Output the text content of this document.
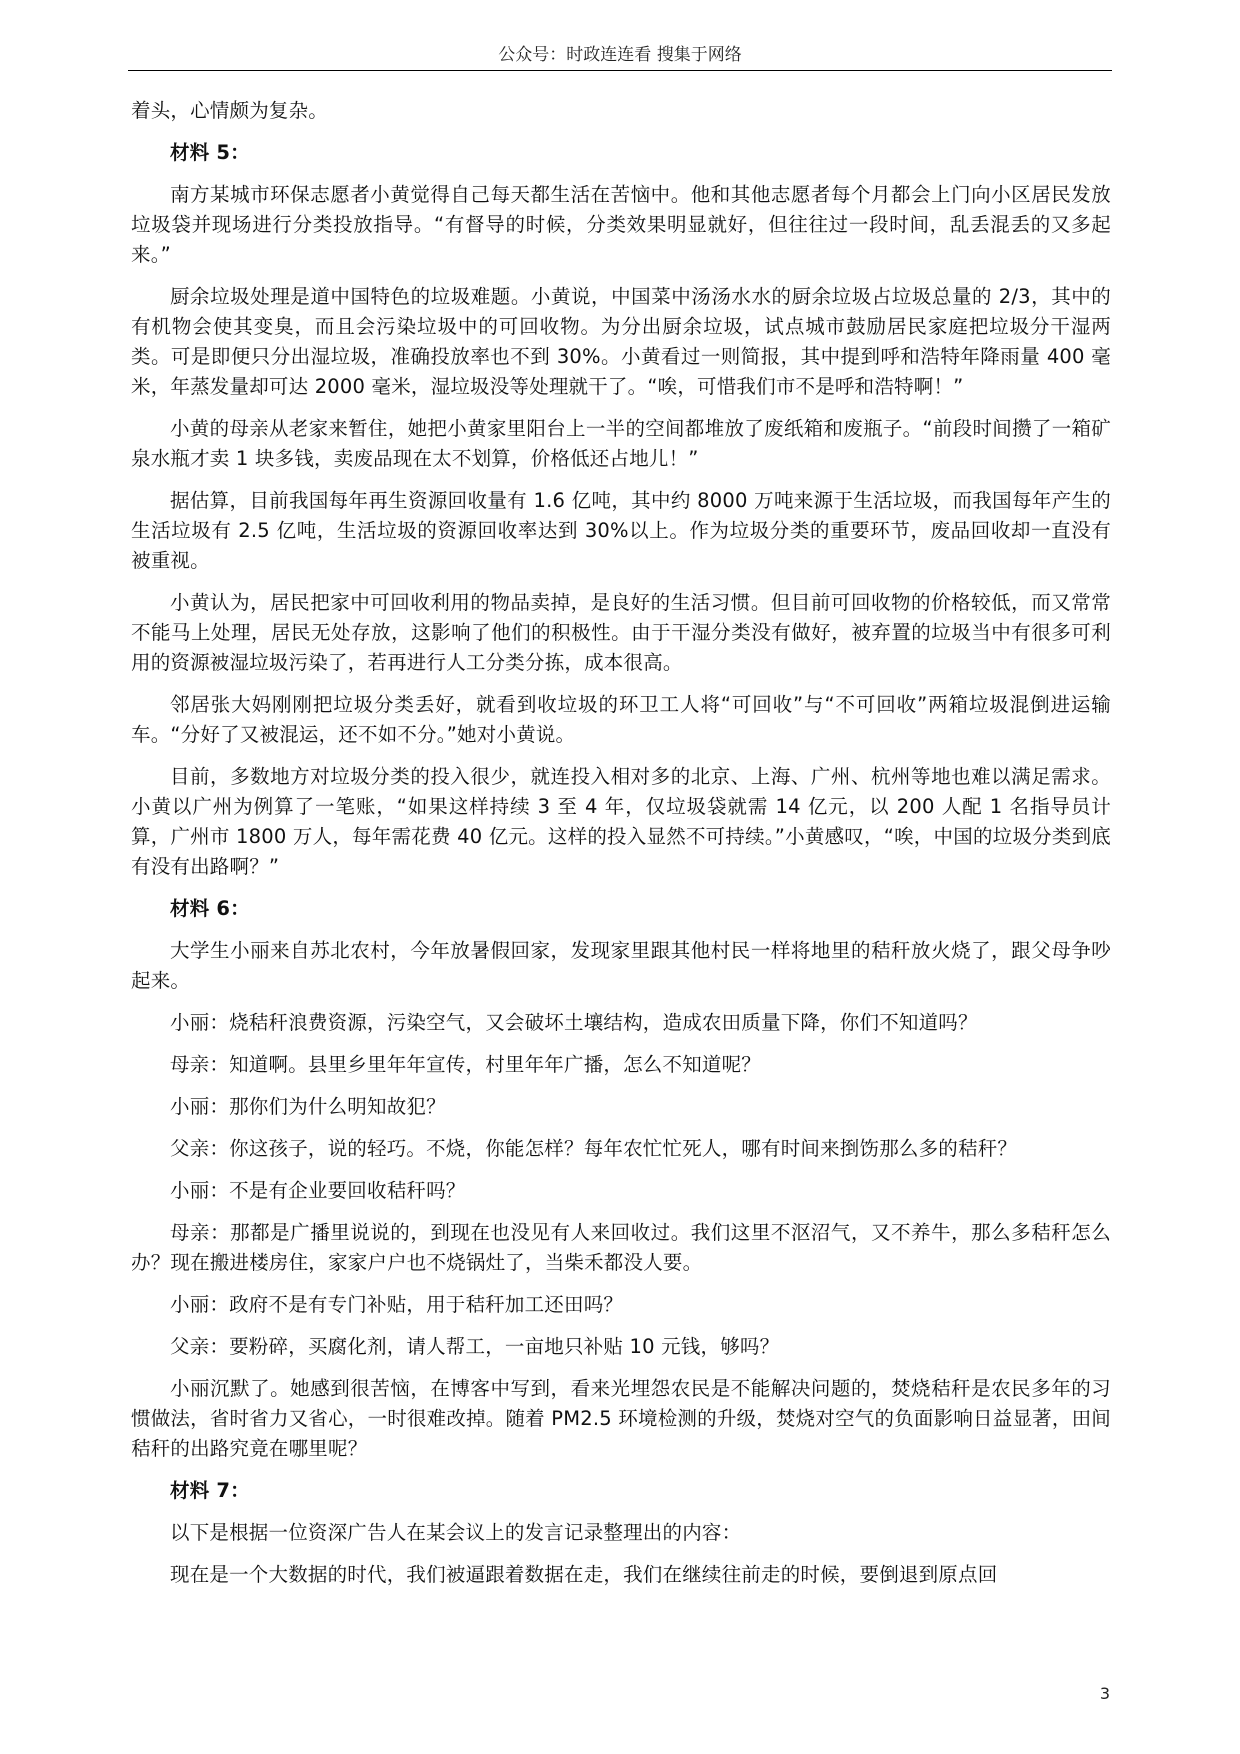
公众号：时政连连看 搜集于网络

着头，心情颇为复杂。

材料 5：

南方某城市环保志愿者小黄觉得自己每天都生活在苦恼中。他和其他志愿者每个月都会上门向小区居民发放垃圾袋并现场进行分类投放指导。“有督导的时候，分类效果明显就好，但往往过一段时间，乱丢混丢的又多起来。”

厨余垃圾处理是道中国特色的垃圾难题。小黄说，中国菜中汤汤水水的厨余垃圾占垃圾总量的 2/3，其中的有机物会使其变臭，而且会污染垃圾中的可回收物。为分出厨余垃圾，试点城市鼓励居民家庭把垃圾分干湿两类。可是即便只分出湿垃圾，准确投放率也不到 30%。小黄看过一则简报，其中提到呼和浩特年降雨量 400 毫米，年蒸发量却可达 2000 毫米，湿垃圾没等处理就干了。“唉，可惜我们市不是呼和浩特啊！”

小黄的母亲从老家来暂住，她把小黄家里阳台上一半的空间都堆放了废纸箱和废瓶子。“前段时间攒了一箱矿泉水瓶才卖 1 块多钱，卖废品现在太不划算，价格低还占地儿！”

据估算，目前我国每年再生资源回收量有 1.6 亿吨，其中约 8000 万吨来源于生活垃圾，而我国每年产生的生活垃圾有 2.5 亿吨，生活垃圾的资源回收率达到 30%以上。作为垃圾分类的重要环节，废品回收却一直没有被重视。

小黄认为，居民把家中可回收利用的物品卖掉，是良好的生活习惯。但目前可回收物的价格较低，而又常常不能马上处理，居民无处存放，这影响了他们的积极性。由于干湿分类没有做好，被弃置的垃圾当中有很多可利用的资源被湿垃圾污染了，若再进行人工分类分拣，成本很高。

邻居张大妈刚刚把垃圾分类丢好，就看到收垃圾的环卫工人将“可回收”与“不可回收”两箱垃圾混倒进运输车。“分好了又被混运，还不如不分。”她对小黄说。

目前，多数地方对垃圾分类的投入很少，就连投入相对多的北京、上海、广州、杭州等地也难以满足需求。小黄以广州为例算了一笔账，“如果这样持续 3 至 4 年，仅垃圾袋就需 14 亿元，以 200 人配 1 名指导员计算，广州市 1800 万人，每年需花费 40 亿元。这样的投入显然不可持续。”小黄感叹，“唉，中国的垃圾分类到底有没有出路啊？”

材料 6：

大学生小丽来自苏北农村，今年放暑假回家，发现家里跟其他村民一样将地里的秸秆放火烧了，跟父母争吵起来。

小丽：烧秸秆浪费资源，污染空气，又会破坏土壤结构，造成农田质量下降，你们不知道吗？

母亲：知道啊。县里乡里年年宣传，村里年年广播，怎么不知道呢？

小丽：那你们为什么明知故犯？

父亲：你这孩子，说的轻巧。不烧，你能怎样？每年农忙忙死人，哪有时间来捯饬那么多的秸秆？

小丽：不是有企业要回收秸秆吗？

母亲：那都是广播里说说的，到现在也没见有人来回收过。我们这里不沤沼气，又不养牛，那么多秸秆怎么办？现在搬进楼房住，家家户户也不烧锅灶了，当柴禾都没人要。

小丽：政府不是有专门补贴，用于秸秆加工还田吗？

父亲：要粉碎，买腐化剂，请人帮工，一亩地只补贴 10 元钱，够吗？

小丽沉默了。她感到很苦恼，在博客中写到，看来光埋怨农民是不能解决问题的，焚烧秸秆是农民多年的习惯做法，省时省力又省心，一时很难改掉。随着 PM2.5 环境检测的升级，焚烧对空气的负面影响日益显著，田间秸秆的出路究竟在哪里呢？

材料 7：

以下是根据一位资深广告人在某会议上的发言记录整理出的内容：

现在是一个大数据的时代，我们被逼跟着数据在走，我们在继续往前走的时候，要倒退到原点回

3
